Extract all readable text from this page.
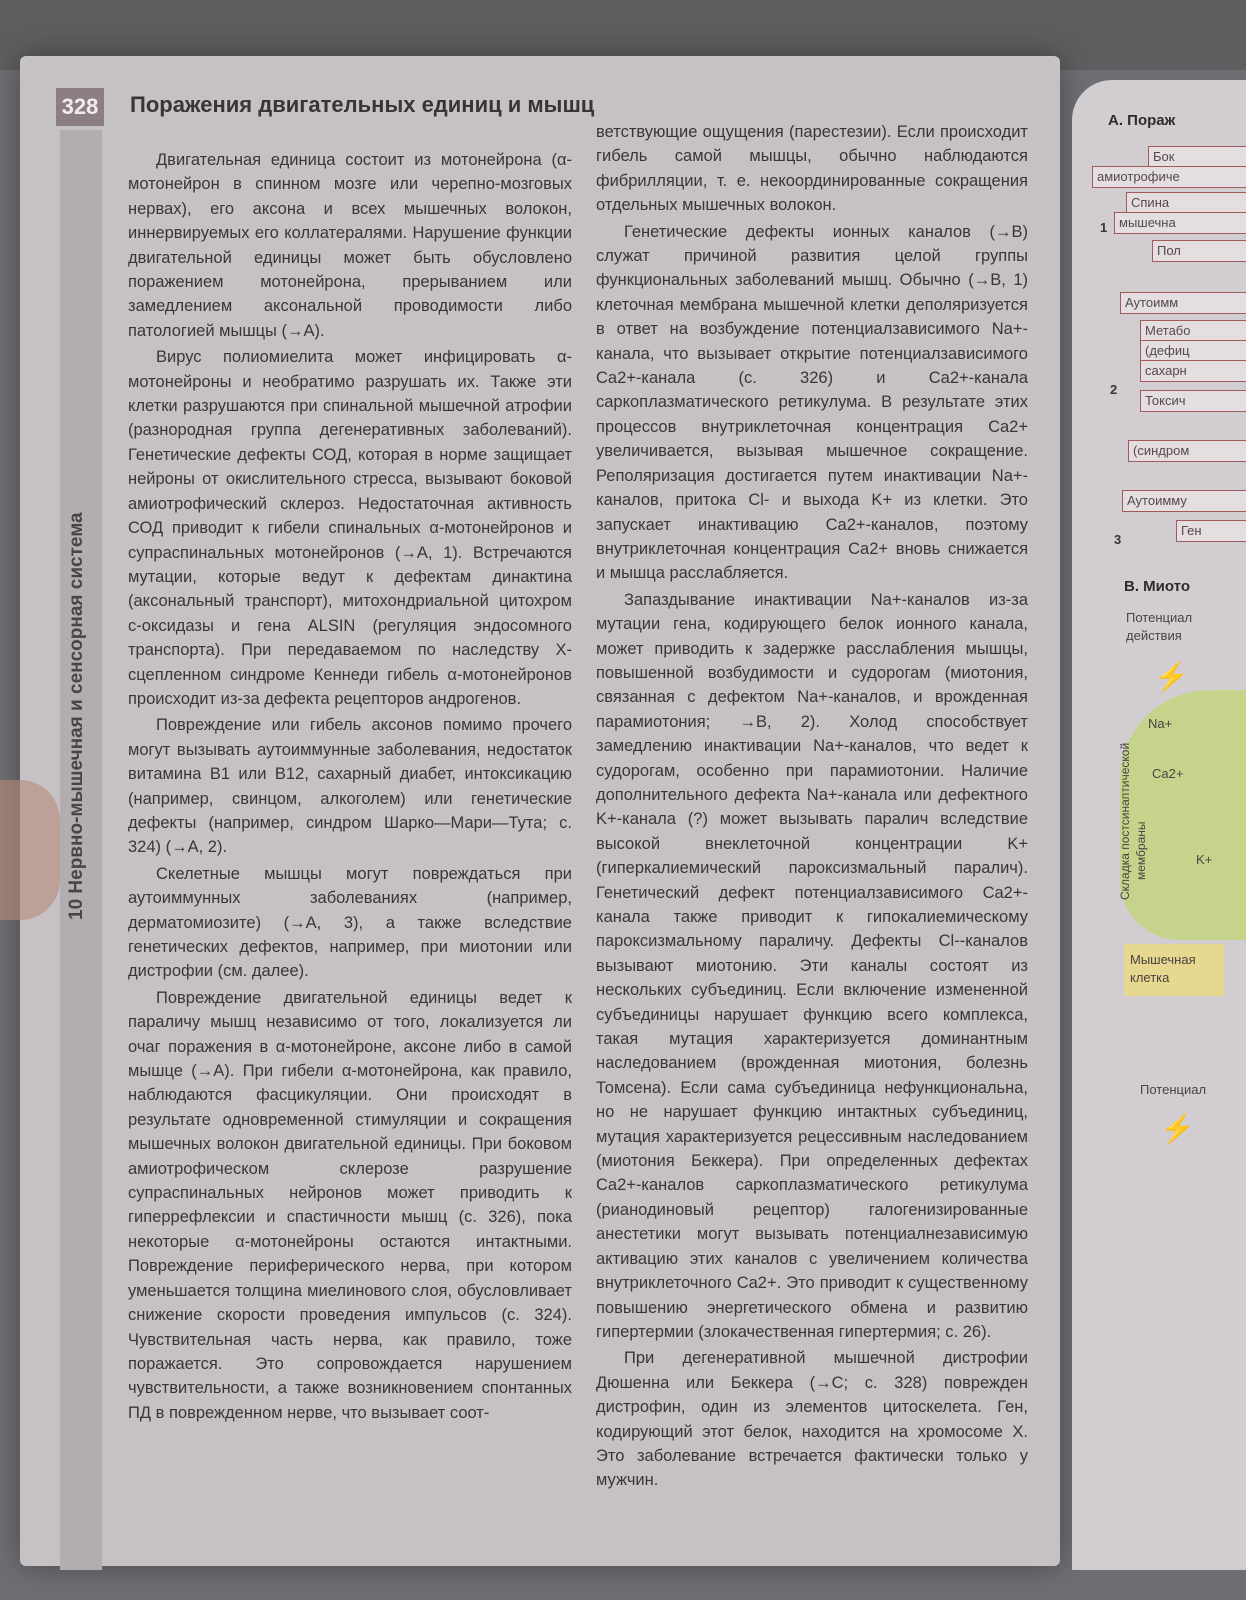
328
10 Нервно-мышечная и сенсорная система
Поражения двигательных единиц и мышц

Двигательная единица состоит из мотонейрона (α-мотонейрон в спинном мозге или черепно-мозговых нервах), его аксона и всех мышечных волокон, иннервируемых его коллатералями. Нарушение функции двигательной единицы может быть обусловлено поражением мотонейрона, прерыванием или замедлением аксональной проводимости либо патологией мышцы (→A).

Вирус полиомиелита может инфицировать α-мотонейроны и необратимо разрушать их. Также эти клетки разрушаются при спинальной мышечной атрофии (разнородная группа дегенеративных заболеваний). Генетические дефекты СОД, которая в норме защищает нейроны от окислительного стресса, вызывают боковой амиотрофический склероз. Недостаточная активность СОД приводит к гибели спинальных α-мотонейронов и супраспинальных мотонейронов (→A, 1). Встречаются мутации, которые ведут к дефектам динактина (аксональный транспорт), митохондриальной цитохром с-оксидазы и гена ALSIN (регуляция эндосомного транспорта). При передаваемом по наследству X-сцепленном синдроме Кеннеди гибель α-мотонейронов происходит из-за дефекта рецепторов андрогенов.

Повреждение или гибель аксонов помимо прочего могут вызывать аутоиммунные заболевания, недостаток витамина B1 или B12, сахарный диабет, интоксикацию (например, свинцом, алкоголем) или генетические дефекты (например, синдром Шарко—Мари—Тута; с. 324) (→A, 2).

Скелетные мышцы могут повреждаться при аутоиммунных заболеваниях (например, дерматомиозите) (→A, 3), а также вследствие генетических дефектов, например, при миотонии или дистрофии (см. далее).

Повреждение двигательной единицы ведет к параличу мышц независимо от того, локализуется ли очаг поражения в α-мотонейроне, аксоне либо в самой мышце (→A). При гибели α-мотонейрона, как правило, наблюдаются фасцикуляции. Они происходят в результате одновременной стимуляции и сокращения мышечных волокон двигательной единицы. При боковом амиотрофическом склерозе разрушение супраспинальных нейронов может приводить к гиперрефлексии и спастичности мышц (с. 326), пока некоторые α-мотонейроны остаются интактными. Повреждение периферического нерва, при котором уменьшается толщина миелинового слоя, обусловливает снижение скорости проведения импульсов (с. 324). Чувствительная часть нерва, как правило, тоже поражается. Это сопровождается нарушением чувствительности, а также возникновением спонтанных ПД в поврежденном нерве, что вызывает соот-

ветствующие ощущения (парестезии). Если происходит гибель самой мышцы, обычно наблюдаются фибрилляции, т. е. некоординированные сокращения отдельных мышечных волокон.

Генетические дефекты ионных каналов (→B) служат причиной развития целой группы функциональных заболеваний мышц. Обычно (→B, 1) клеточная мембрана мышечной клетки деполяризуется в ответ на возбуждение потенциалзависимого Na+-канала, что вызывает открытие потенциалзависимого Ca2+-канала (с. 326) и Ca2+-канала саркоплазматического ретикулума. В результате этих процессов внутриклеточная концентрация Ca2+ увеличивается, вызывая мышечное сокращение. Реполяризация достигается путем инактивации Na+-каналов, притока Cl- и выхода K+ из клетки. Это запускает инактивацию Ca2+-каналов, поэтому внутриклеточная концентрация Ca2+ вновь снижается и мышца расслабляется.

Запаздывание инактивации Na+-каналов из-за мутации гена, кодирующего белок ионного канала, может приводить к задержке расслабления мышцы, повышенной возбудимости и судорогам (миотония, связанная с дефектом Na+-каналов, и врожденная парамиотония; →B, 2). Холод способствует замедлению инактивации Na+-каналов, что ведет к судорогам, особенно при парамиотонии. Наличие дополнительного дефекта Na+-канала или дефектного K+-канала (?) может вызывать паралич вследствие высокой внеклеточной концентрации K+ (гиперкалиемический пароксизмальный паралич). Генетический дефект потенциалзависимого Ca2+-канала также приводит к гипокалиемическому пароксизмальному параличу. Дефекты Cl--каналов вызывают миотонию. Эти каналы состоят из нескольких субъединиц. Если включение измененной субъединицы нарушает функцию всего комплекса, такая мутация характеризуется доминантным наследованием (врожденная миотония, болезнь Томсена). Если сама субъединица нефункциональна, но не нарушает функцию интактных субъединиц, мутация характеризуется рецессивным наследованием (миотония Беккера). При определенных дефектах Ca2+-каналов саркоплазматического ретикулума (рианодиновый рецептор) галогенизированные анестетики могут вызывать потенциалнезависимую активацию этих каналов с увеличением количества внутриклеточного Ca2+. Это приводит к существенному повышению энергетического обмена и развитию гипертермии (злокачественная гипертермия; с. 26).

При дегенеративной мышечной дистрофии Дюшенна или Беккера (→C; с. 328) поврежден дистрофин, один из элементов цитоскелета. Ген, кодирующий этот белок, находится на хромосоме X. Это заболевание встречается фактически только у мужчин.

А. Пораж
Бок
амиотрофиче
Спина
мышечна
Пол
1
Аутоимм
Метабо
(дефиц
сахарн
Токсич
(синдром
2
Аутоимму
Ген
3
В. Миото
Потенциал
действия
⚡
Na+
Ca2+
K+
Складка постсинаптической мембраны
Мышечная
клетка
Потенциал
⚡
